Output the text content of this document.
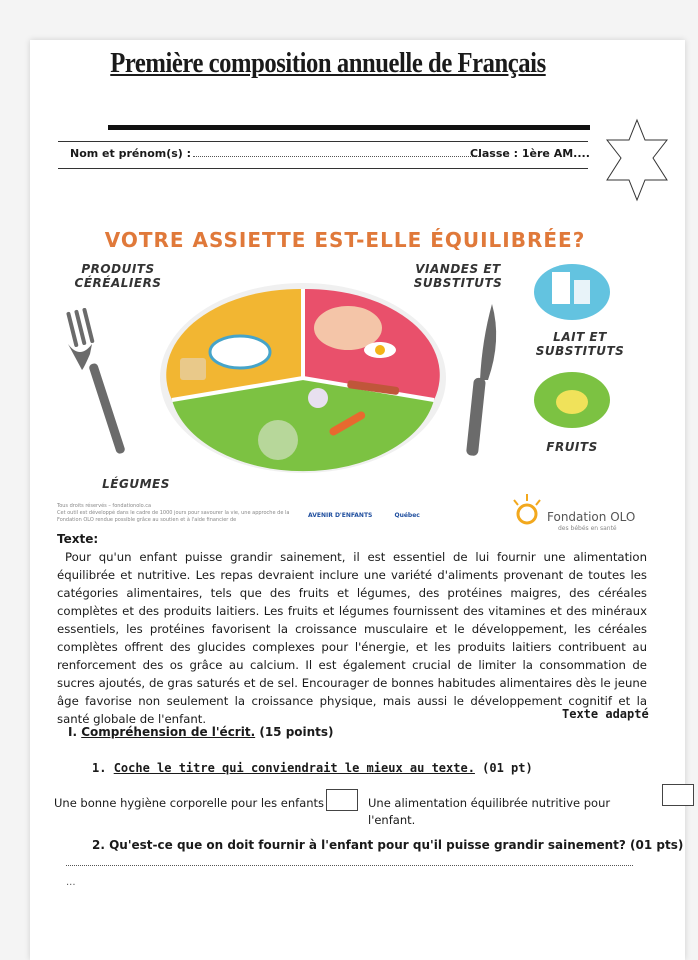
Première composition annuelle de Français
Nom et prénom(s) :	Classe : 1ère AM....
VOTRE ASSIETTE EST-ELLE ÉQUILIBRÉE?
PRODUITS CÉRÉALIERS
VIANDES ET SUBSTITUTS
LAIT ET SUBSTITUTS
FRUITS
LÉGUMES
Tous droits réservés – fondationolo.ca
Cet outil est développé dans le cadre de 1000 jours pour savourer la vie, une approche de la Fondation OLO rendue possible grâce au soutien et à l'aide financier de
AVENIR D'ENFANTS	Québec	Fondation OLO
des bébés en santé
Texte:

Pour qu'un enfant puisse grandir sainement, il est essentiel de lui fournir une alimentation équilibrée et nutritive. Les repas devraient inclure une variété d'aliments provenant de toutes les catégories alimentaires, tels que des fruits et légumes, des protéines maigres, des céréales complètes et des produits laitiers. Les fruits et légumes fournissent des vitamines et des minéraux essentiels, les protéines favorisent la croissance musculaire et le développement, les céréales complètes offrent des glucides complexes pour l'énergie, et les produits laitiers contribuent au renforcement des os grâce au calcium. Il est également crucial de limiter la consommation de sucres ajoutés, de gras saturés et de sel. Encourager de bonnes habitudes alimentaires dès le jeune âge favorise non seulement la croissance physique, mais aussi le développement cognitif et la santé globale de l'enfant.	Texte adapté
I. Compréhension de l'écrit. (15 points)
1. Coche le titre qui conviendrait le mieux au texte. (01 pt)
Une bonne hygiène corporelle pour les enfants	Une alimentation équilibrée nutritive pour l'enfant.
2. Qu'est-ce que on doit fournir à l'enfant pour qu'il puisse grandir sainement? (01 pts)
...
